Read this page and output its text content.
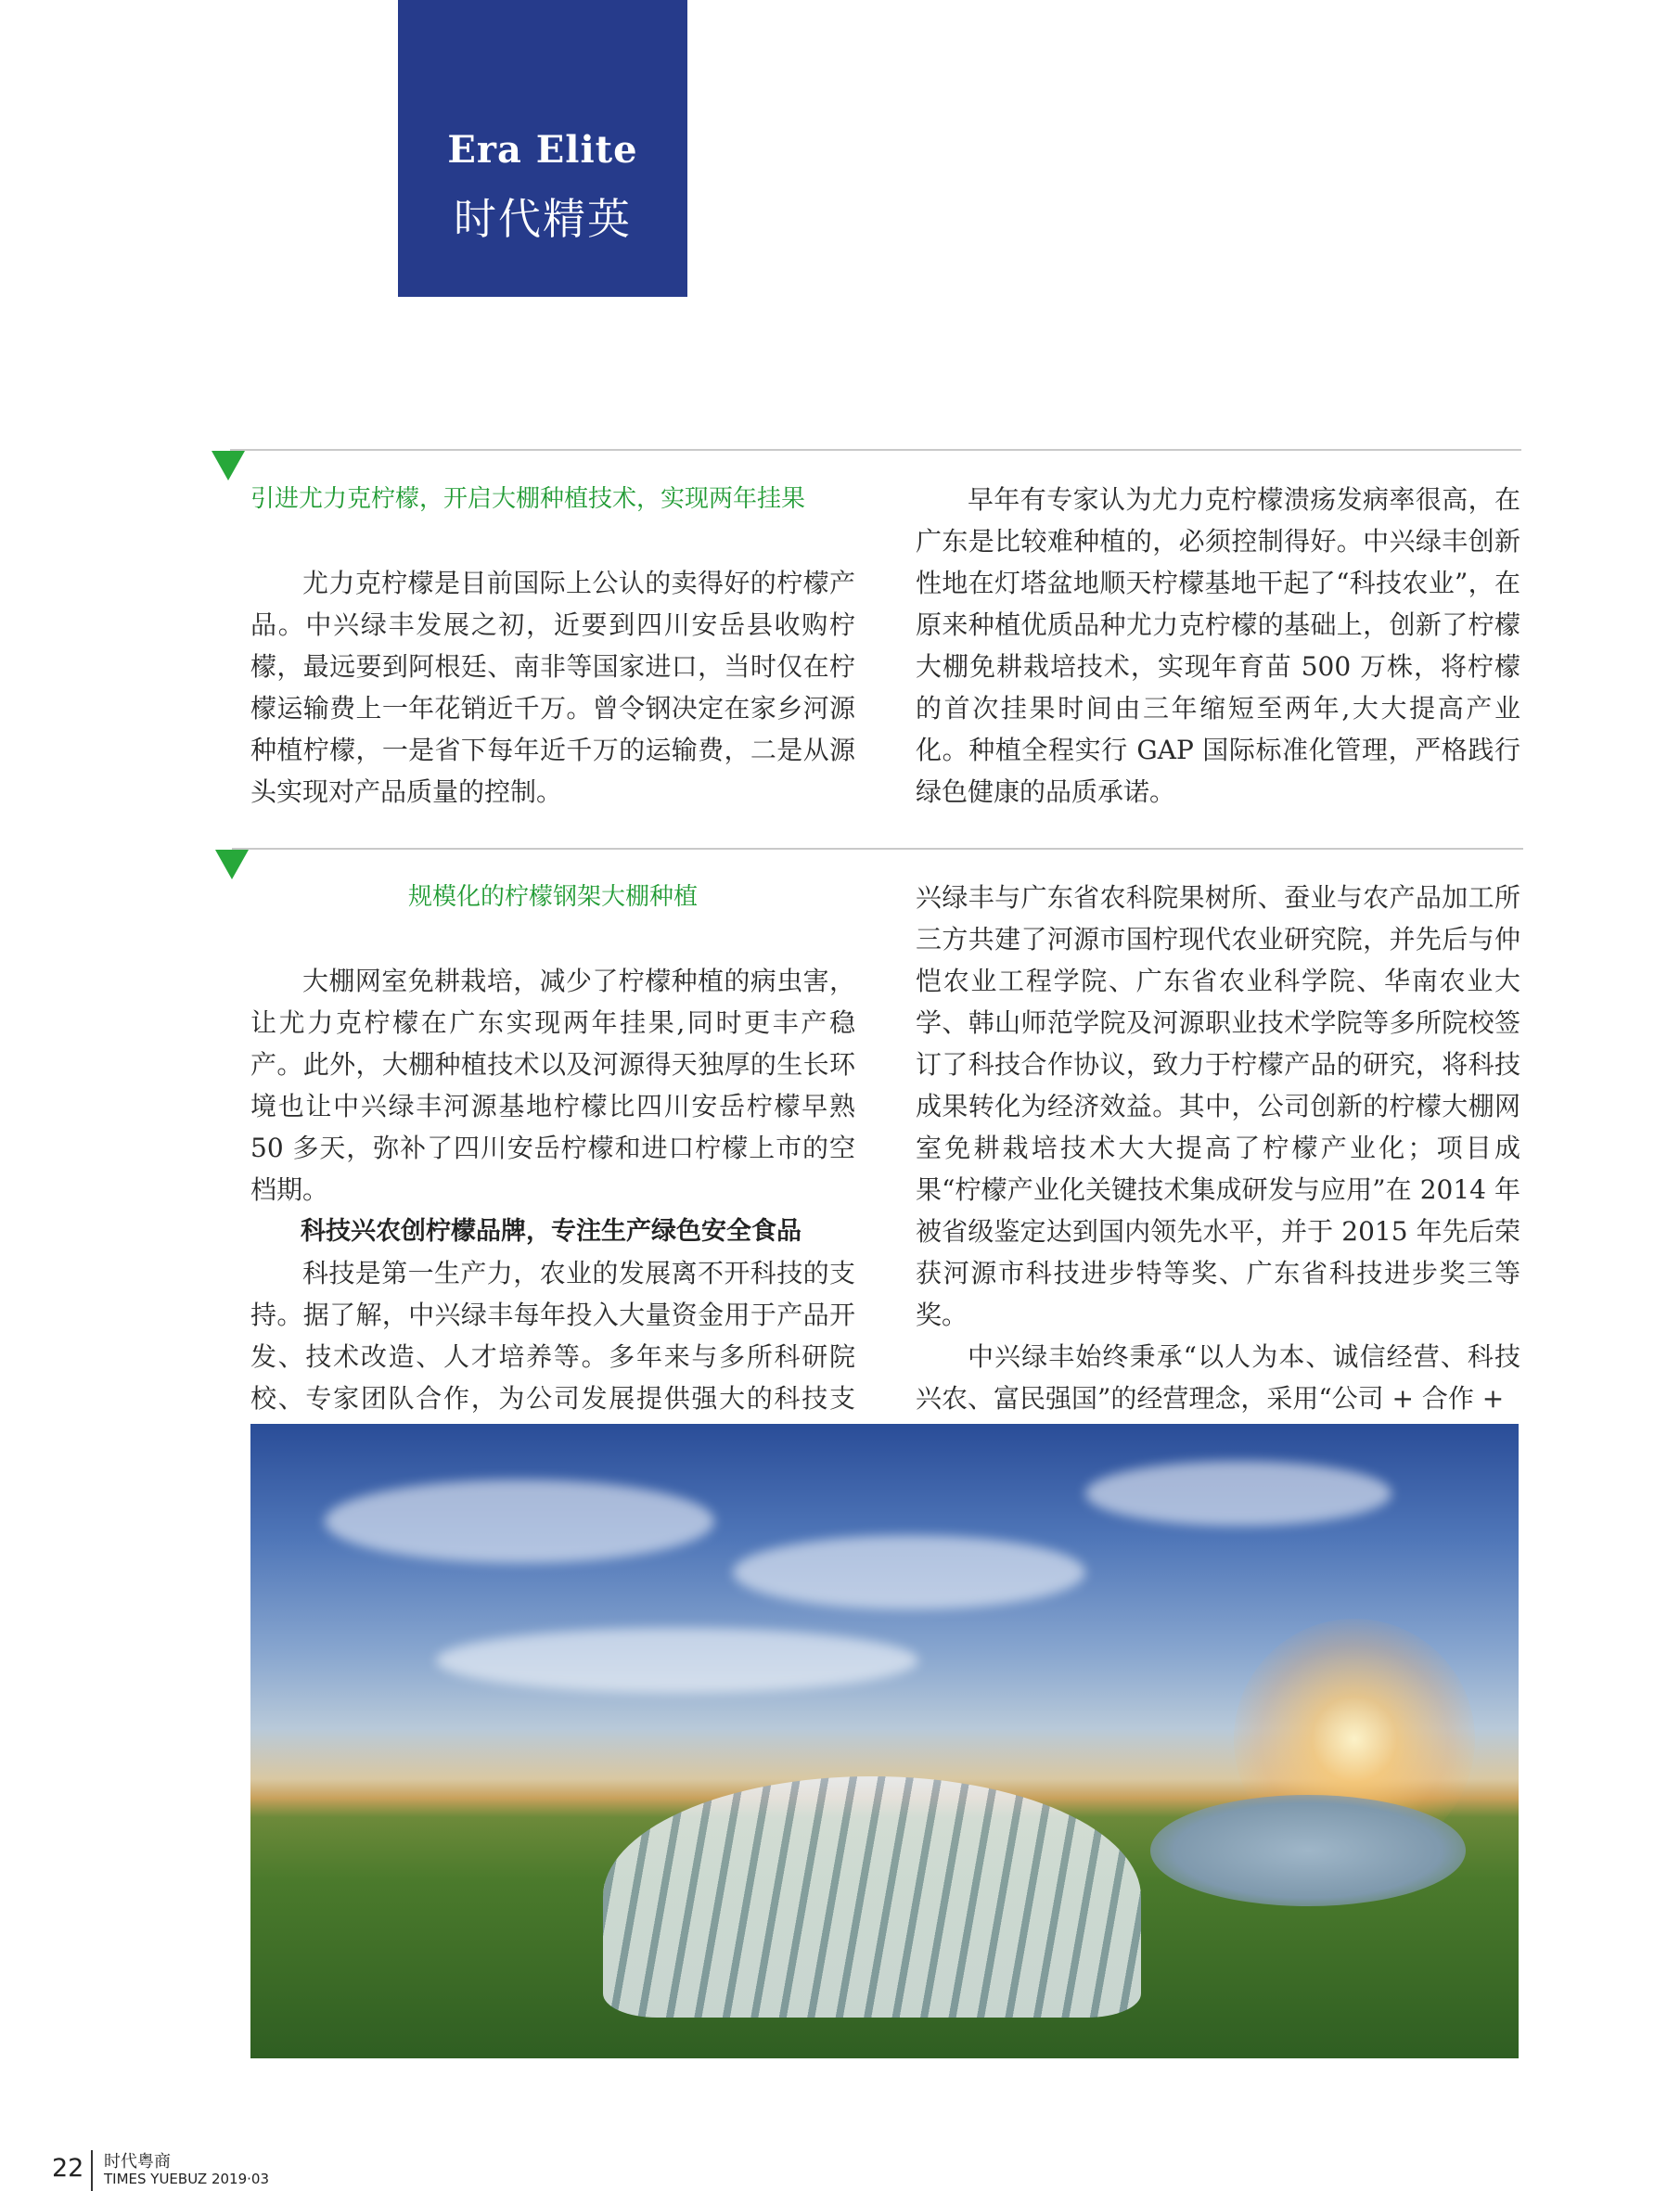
Era Elite
时代精英

引进尤力克柠檬，开启大棚种植技术，实现两年挂果

尤力克柠檬是目前国际上公认的卖得好的柠檬产品。中兴绿丰发展之初，近要到四川安岳县收购柠檬，最远要到阿根廷、南非等国家进口，当时仅在柠檬运输费上一年花销近千万。曾令钢决定在家乡河源种植柠檬，一是省下每年近千万的运输费，二是从源头实现对产品质量的控制。

早年有专家认为尤力克柠檬溃疡发病率很高，在广东是比较难种植的，必须控制得好。中兴绿丰创新性地在灯塔盆地顺天柠檬基地干起了“科技农业”，在原来种植优质品种尤力克柠檬的基础上，创新了柠檬大棚免耕栽培技术，实现年育苗 500 万株，将柠檬的首次挂果时间由三年缩短至两年,大大提高产业化。种植全程实行 GAP 国际标准化管理，严格践行绿色健康的品质承诺。

规模化的柠檬钢架大棚种植

大棚网室免耕栽培，减少了柠檬种植的病虫害，让尤力克柠檬在广东实现两年挂果,同时更丰产稳产。此外，大棚种植技术以及河源得天独厚的生长环境也让中兴绿丰河源基地柠檬比四川安岳柠檬早熟 50 多天，弥补了四川安岳柠檬和进口柠檬上市的空档期。

科技兴农创柠檬品牌，专注生产绿色安全食品

科技是第一生产力，农业的发展离不开科技的支持。据了解，中兴绿丰每年投入大量资金用于产品开发、技术改造、人才培养等。多年来与多所科研院校、专家团队合作，为公司发展提供强大的科技支

兴绿丰与广东省农科院果树所、蚕业与农产品加工所三方共建了河源市国柠现代农业研究院，并先后与仲恺农业工程学院、广东省农业科学院、华南农业大学、韩山师范学院及河源职业技术学院等多所院校签订了科技合作协议，致力于柠檬产品的研究，将科技成果转化为经济效益。其中，公司创新的柠檬大棚网室免耕栽培技术大大提高了柠檬产业化；项目成果“柠檬产业化关键技术集成研发与应用”在 2014 年被省级鉴定达到国内领先水平，并于 2015 年先后荣获河源市科技进步特等奖、广东省科技进步奖三等奖。

中兴绿丰始终秉承“以人为本、诚信经营、科技兴农、富民强国”的经营理念，采用“公司 + 合作 +

22 时代粤商
TIMES YUEBUZ 2019·03
